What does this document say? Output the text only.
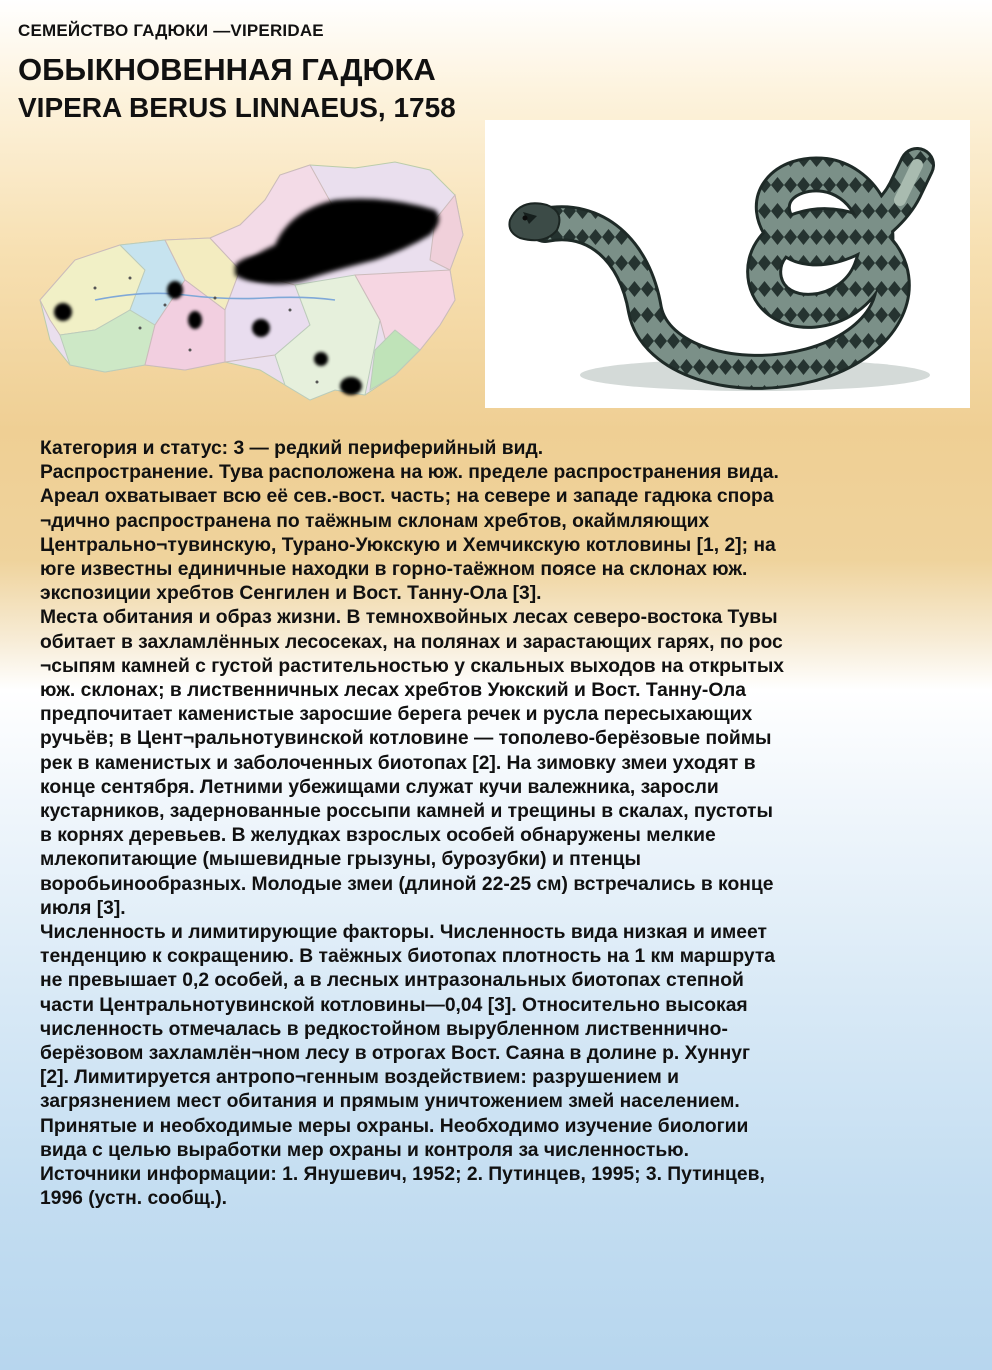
СЕМЕЙСТВО ГАДЮКИ —VIPERIDAE
ОБЫКНОВЕННАЯ ГАДЮКА
VIPERA BERUS LINNAEUS, 1758
Категория и статус: 3 — редкий периферийный вид.
Распространение. Тува расположена на юж. пределе распространения вида.
Ареал охватывает всю её сев.-вост. часть; на севере и западе гадюка спора
¬дично распространена по таёжным склонам хребтов, окаймляющих
Центрально¬тувинскую, Турано-Уюкскую и Хемчикскую котловины [1, 2]; на
юге известны единичные находки в горно-таёжном поясе на склонах юж.
экспозиции хребтов Сенгилен и Вост. Танну-Ола [3].
Места обитания и образ жизни. В темнохвойных лесах северо-востока Тувы
обитает в захламлённых лесосеках, на полянах и зарастающих гарях, по рос
¬сыпям камней с густой растительностью у скальных выходов на открытых
юж. склонах; в лиственничных лесах хребтов Уюкский и Вост. Танну-Ола
предпочитает каменистые заросшие берега речек и русла пересыхающих
ручьёв; в Цент¬ральнотувинской котловине — тополево-берёзовые поймы
рек в каменистых и заболоченных биотопах [2]. На зимовку змеи уходят в
конце сентября. Летними убежищами служат кучи валежника, заросли
кустарников, задернованные россыпи камней и трещины в скалах, пустоты
в корнях деревьев. В желудках взрослых особей обнаружены мелкие
млекопитающие (мышевидные грызуны, бурозубки) и птенцы
воробьинообразных. Молодые змеи (длиной 22-25 см) встречались в конце
июля [3].
Численность и лимитирующие факторы. Численность вида низкая и имеет
тенденцию к сокращению. В таёжных биотопах плотность на 1 км маршрута
не превышает 0,2 особей, а в лесных интразональных биотопах степной
части Центральнотувинской котловины—0,04 [3]. Относительно высокая
численность отмечалась в редкостойном вырубленном лиственнично-
берёзовом захламлён¬ном лесу в отрогах Вост. Саяна в долине р. Хуннуг
[2]. Лимитируется антропо¬генным воздействием: разрушением и
загрязнением мест обитания и прямым уничтожением змей населением.
Принятые и необходимые меры охраны. Необходимо изучение биологии
вида с целью выработки мер охраны и контроля за численностью.
Источники информации: 1. Янушевич, 1952; 2. Путинцев, 1995; 3. Путинцев,
1996 (устн. сообщ.).
